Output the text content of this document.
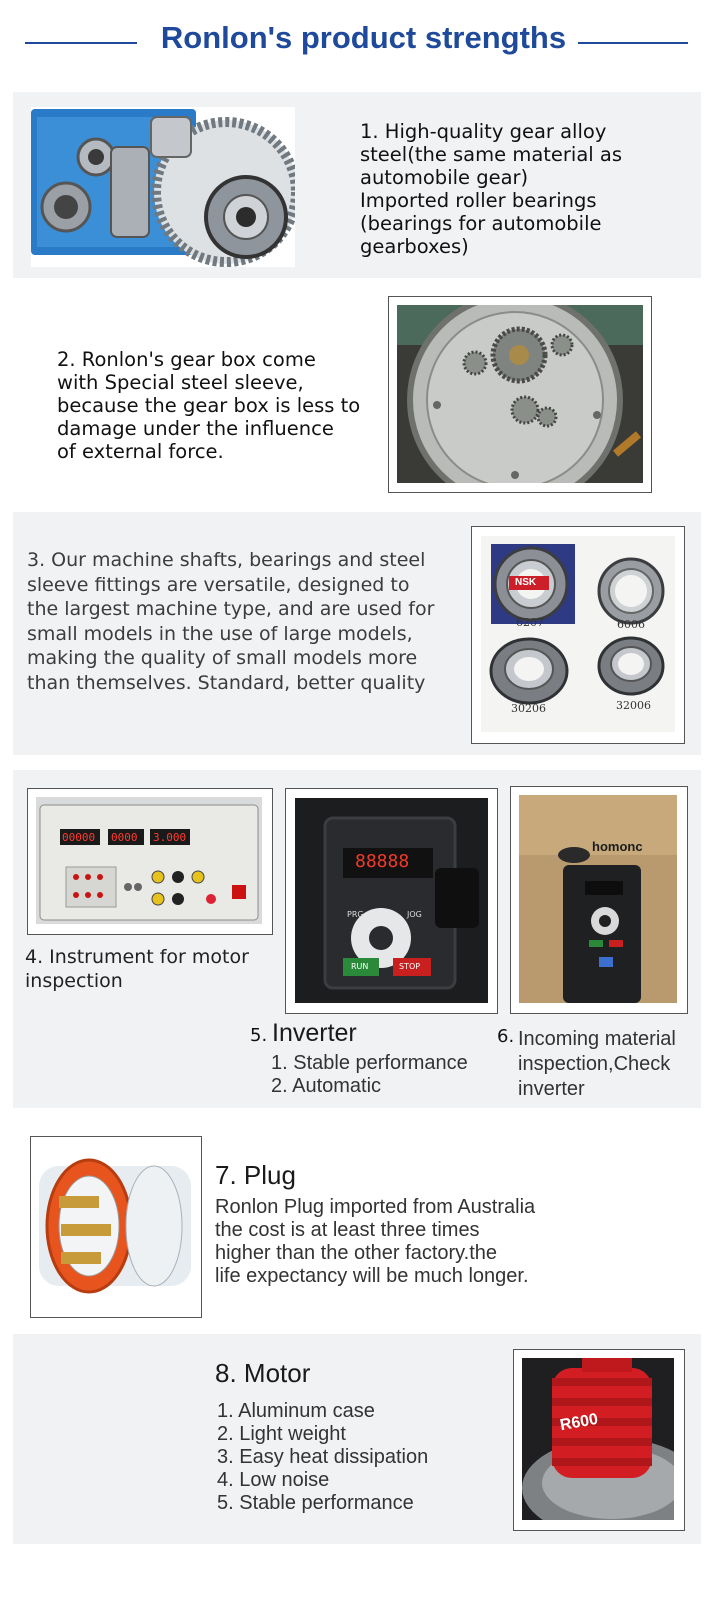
Ronlon's product strengths
1. High-quality gear alloy
steel(the same material as
automobile gear)
Imported roller bearings
(bearings for automobile
gearboxes)
2. Ronlon's gear box come
with Special steel sleeve,
because the gear box is less to
damage under the influence
of external force.
3. Our machine shafts, bearings and steel
sleeve fittings are versatile, designed to
the largest machine type, and are used for
small models in the use of large models,
making the quality of small models more
than themselves. Standard, better quality
NSK
6207	6006
30206	32006
00000 0000 3.000
4. Instrument for motor
inspection
88888
PRG	JOG
RUN	STOP
5. Inverter
1. Stable performance
2. Automatic
homonc
6. Incoming material
inspection,Check
inverter
7. Plug
Ronlon Plug imported from Australia
the cost is at least three times
higher than the other factory.the
life expectancy will be much longer.
8. Motor
1. Aluminum case
2. Light weight
3. Easy heat dissipation
4. Low noise
5. Stable performance
R600
